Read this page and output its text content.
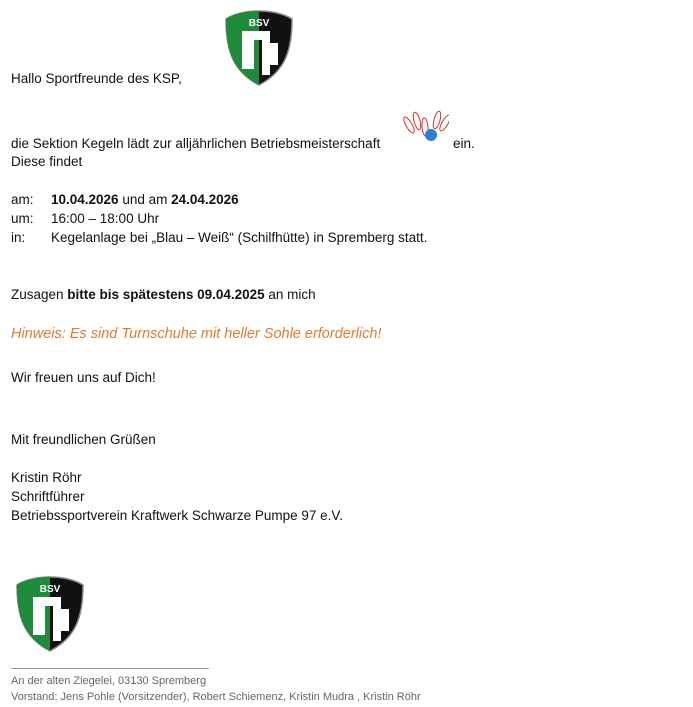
BSV
Hallo Sportfreunde des KSP,
die Sektion Kegeln lädt zur alljährlichen Betriebsmeisterschaft	ein.
Diese findet
am: 10.04.2026 und am 24.04.2026
um: 16:00 – 18:00 Uhr
in: Kegelanlage bei „Blau – Weiß“ (Schilfhütte) in Spremberg statt.
Zusagen bitte bis spätestens 09.04.2025 an mich
Hinweis: Es sind Turnschuhe mit heller Sohle erforderlich!
Wir freuen uns auf Dich!
Mit freundlichen Grüßen
Kristin Röhr
Schriftführer
Betriebssportverein Kraftwerk Schwarze Pumpe 97 e.V.
BSV
An der alten Ziegelei, 03130 Spremberg
Vorstand: Jens Pohle (Vorsitzender), Robert Schiemenz, Kristin Mudra , Kristin Röhr
